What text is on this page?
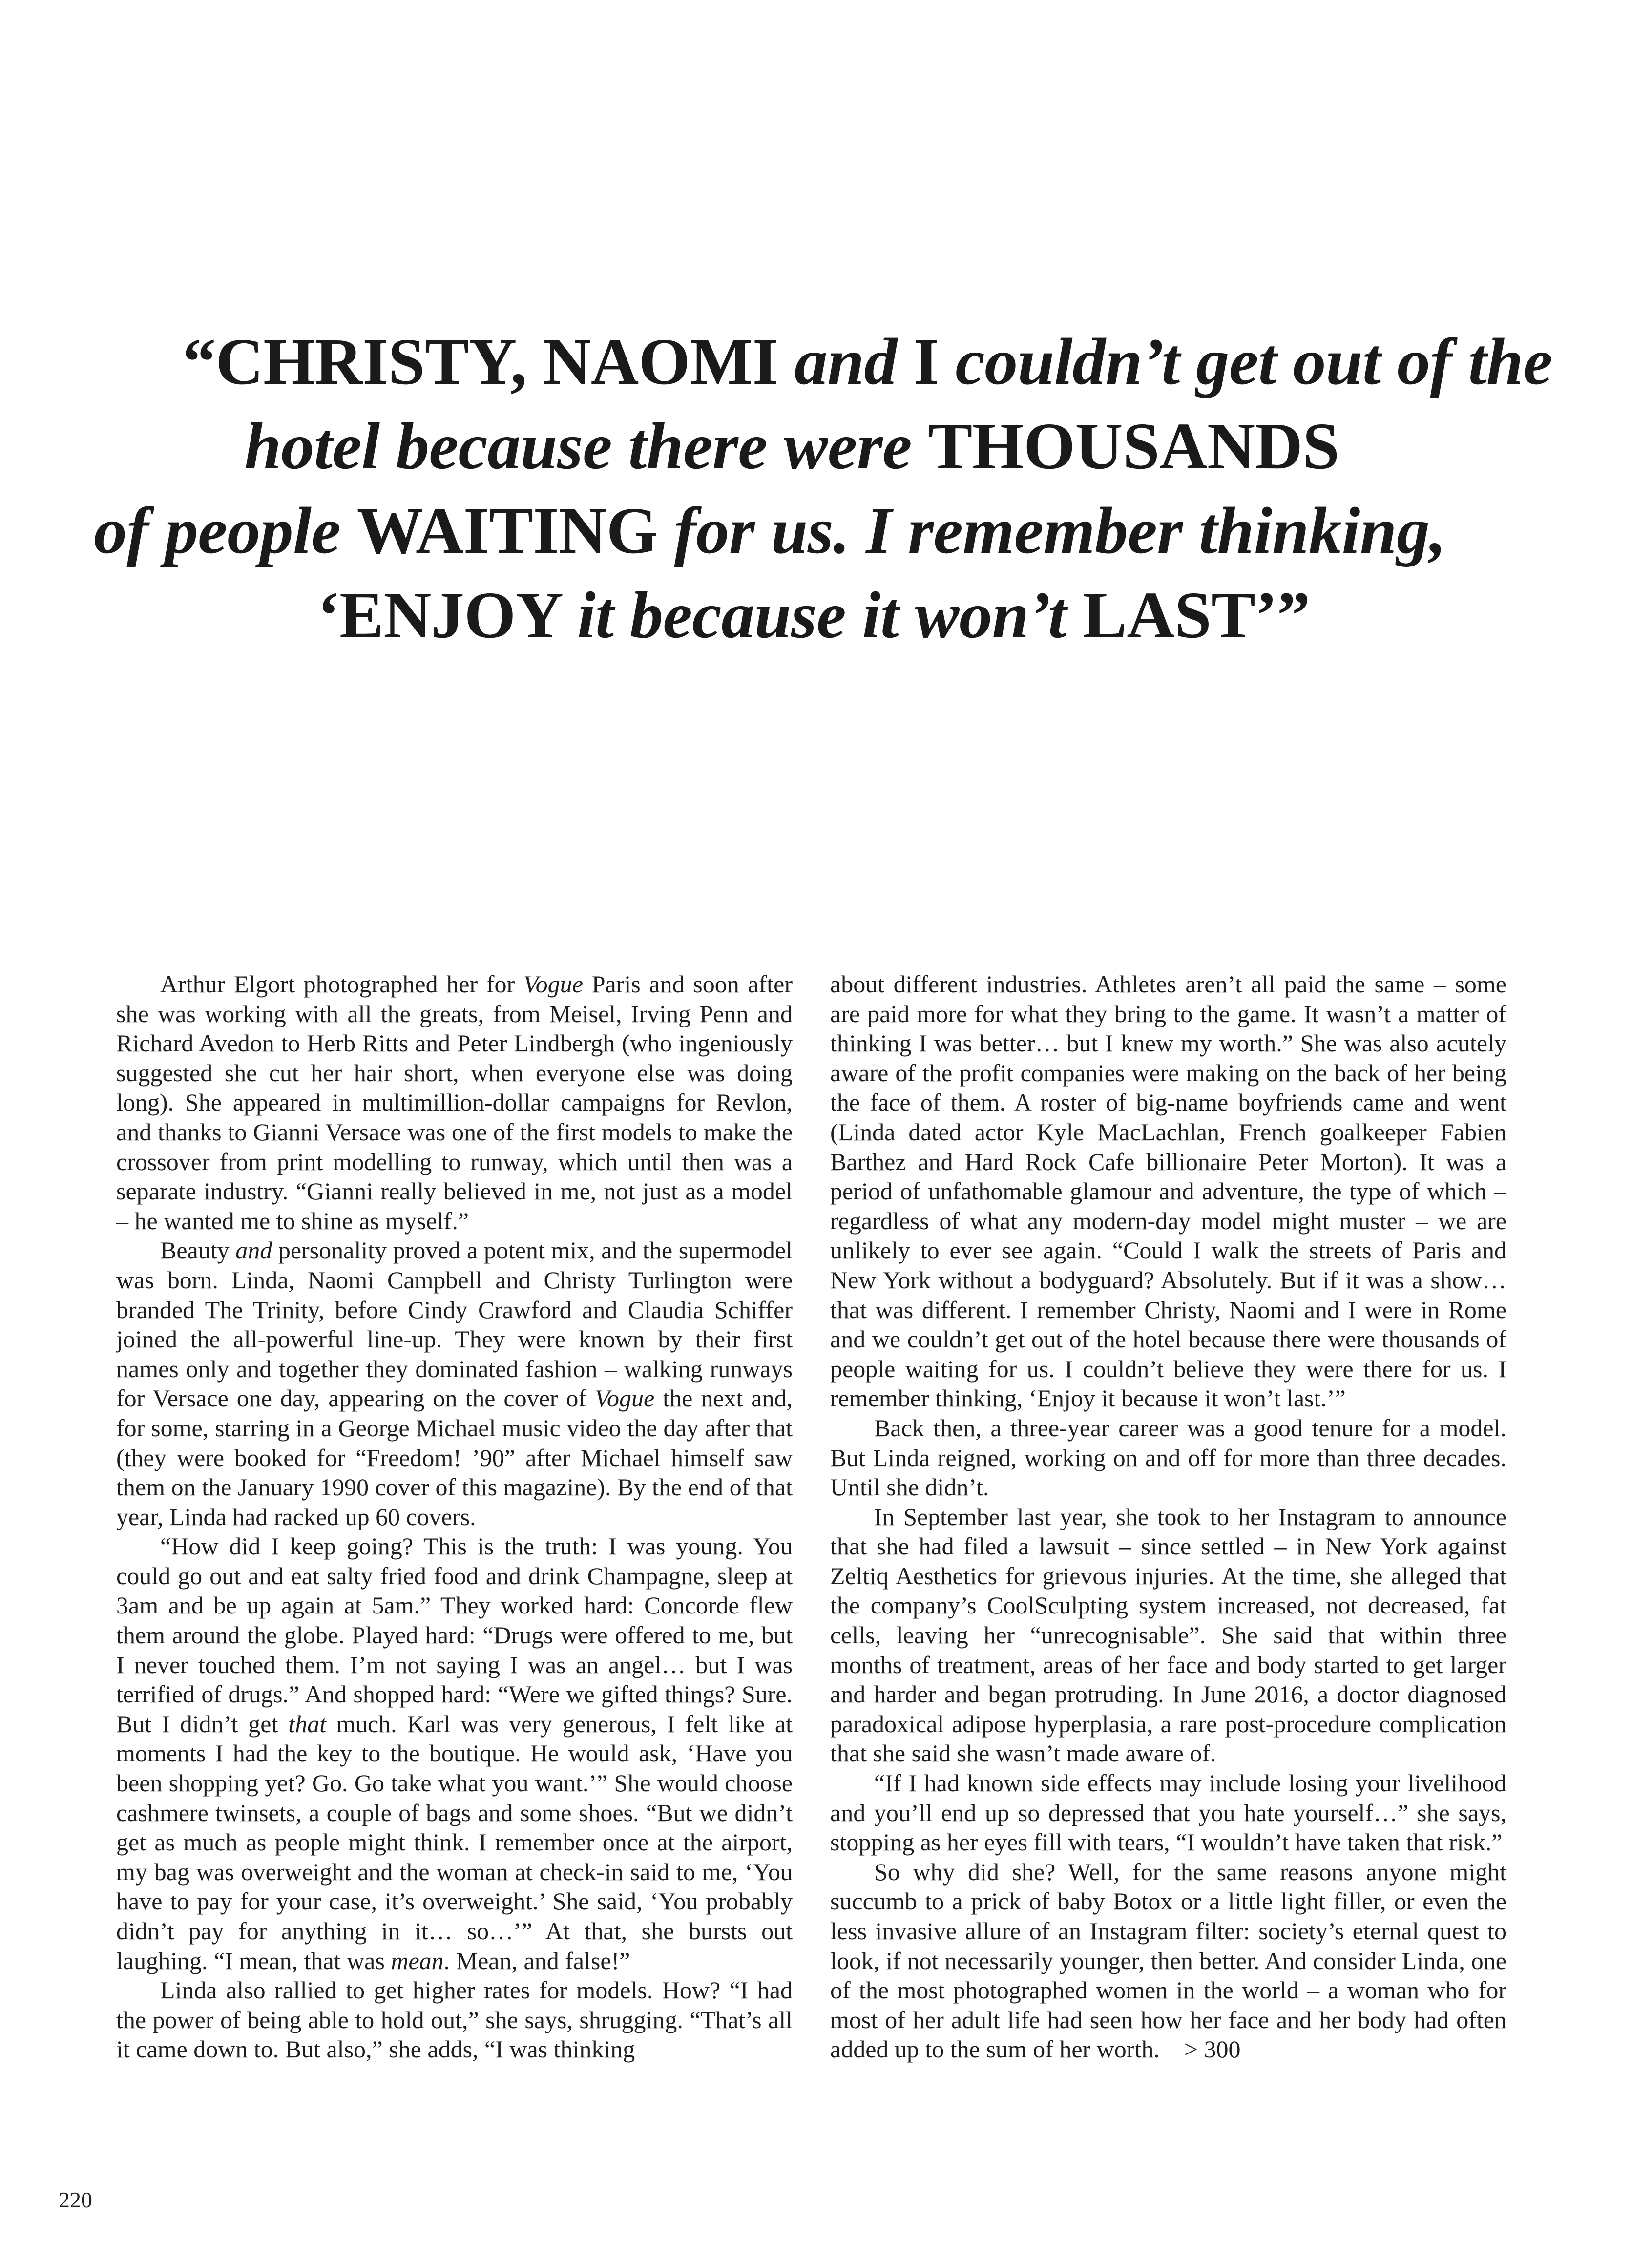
“CHRISTY, NAOMI and I couldn’t get out of the
hotel because there were THOUSANDS
of people WAITING for us. I remember thinking,
‘ENJOY it because it won’t LAST’”

Arthur Elgort photographed her for Vogue Paris and soon after she was working with all the greats, from Meisel, Irving Penn and Richard Avedon to Herb Ritts and Peter Lindbergh (who ingeniously suggested she cut her hair short, when everyone else was doing long). She appeared in multimillion-dollar campaigns for Revlon, and thanks to Gianni Versace was one of the first models to make the crossover from print modelling to runway, which until then was a separate industry. “Gianni really believed in me, not just as a model – he wanted me to shine as myself.”

Beauty and personality proved a potent mix, and the supermodel was born. Linda, Naomi Campbell and Christy Turlington were branded The Trinity, before Cindy Crawford and Claudia Schiffer joined the all-powerful line-up. They were known by their first names only and together they dominated fashion – walking runways for Versace one day, appearing on the cover of Vogue the next and, for some, starring in a George Michael music video the day after that (they were booked for “Freedom! ’90” after Michael himself saw them on the January 1990 cover of this magazine). By the end of that year, Linda had racked up 60 covers.

“How did I keep going? This is the truth: I was young. You could go out and eat salty fried food and drink Champagne, sleep at 3am and be up again at 5am.” They worked hard: Concorde flew them around the globe. Played hard: “Drugs were offered to me, but I never touched them. I’m not saying I was an angel… but I was terrified of drugs.” And shopped hard: “Were we gifted things? Sure. But I didn’t get that much. Karl was very generous, I felt like at moments I had the key to the boutique. He would ask, ‘Have you been shopping yet? Go. Go take what you want.’” She would choose cashmere twinsets, a couple of bags and some shoes. “But we didn’t get as much as people might think. I remember once at the airport, my bag was overweight and the woman at check-in said to me, ‘You have to pay for your case, it’s overweight.’ She said, ‘You probably didn’t pay for anything in it… so…’” At that, she bursts out laughing. “I mean, that was mean. Mean, and false!”

Linda also rallied to get higher rates for models. How? “I had the power of being able to hold out,” she says, shrugging. “That’s all it came down to. But also,” she adds, “I was thinking

about different industries. Athletes aren’t all paid the same – some are paid more for what they bring to the game. It wasn’t a matter of thinking I was better… but I knew my worth.” She was also acutely aware of the profit companies were making on the back of her being the face of them. A roster of big-name boyfriends came and went (Linda dated actor Kyle MacLachlan, French goalkeeper Fabien Barthez and Hard Rock Cafe billionaire Peter Morton). It was a period of unfathomable glamour and adventure, the type of which – regardless of what any modern-day model might muster – we are unlikely to ever see again. “Could I walk the streets of Paris and New York without a bodyguard? Absolutely. But if it was a show… that was different. I remember Christy, Naomi and I were in Rome and we couldn’t get out of the hotel because there were thousands of people waiting for us. I couldn’t believe they were there for us. I remember thinking, ‘Enjoy it because it won’t last.’”

Back then, a three-year career was a good tenure for a model. But Linda reigned, working on and off for more than three decades. Until she didn’t.

In September last year, she took to her Instagram to announce that she had filed a lawsuit – since settled – in New York against Zeltiq Aesthetics for grievous injuries. At the time, she alleged that the company’s CoolSculpting system increased, not decreased, fat cells, leaving her “unrecognisable”. She said that within three months of treatment, areas of her face and body started to get larger and harder and began protruding. In June 2016, a doctor diagnosed paradoxical adipose hyperplasia, a rare post-procedure complication that she said she wasn’t made aware of.

“If I had known side effects may include losing your livelihood and you’ll end up so depressed that you hate yourself…” she says, stopping as her eyes fill with tears, “I wouldn’t have taken that risk.”

So why did she? Well, for the same reasons anyone might succumb to a prick of baby Botox or a little light filler, or even the less invasive allure of an Instagram filter: society’s eternal quest to look, if not necessarily younger, then better. And consider Linda, one of the most photographed women in the world – a woman who for most of her adult life had seen how her face and her body had often added up to the sum of her worth. > 300

220
